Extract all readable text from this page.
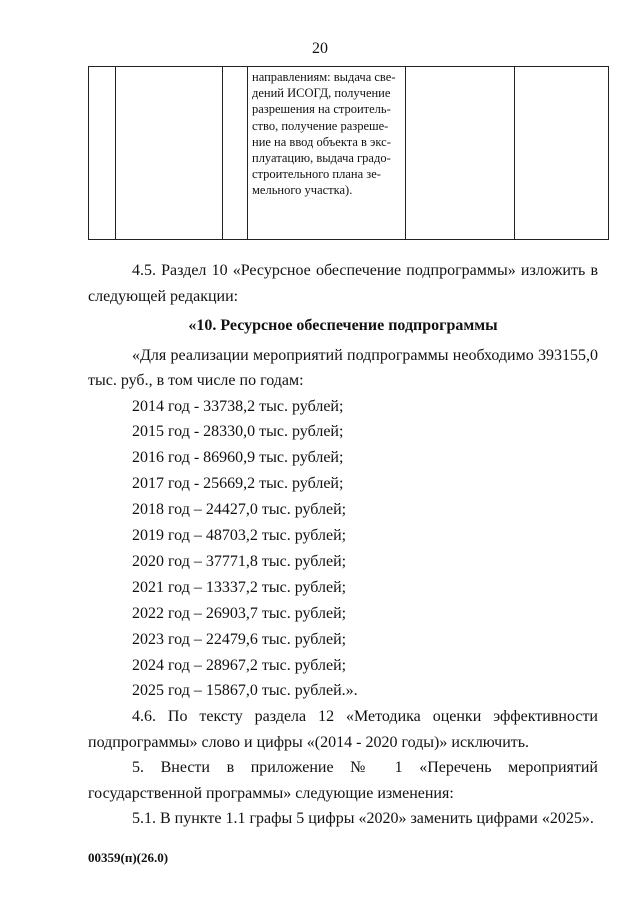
20

направлениям: выдача све-
дений ИСОГД, получение
разрешения на строитель-
ство, получение разреше-
ние на ввод объекта в экс-
плуатацию, выдача градо-
строительного плана зе-
мельного участка).

4.5. Раздел 10 «Ресурсное обеспечение подпрограммы» изложить в следующей редакции:

«10. Ресурсное обеспечение подпрограммы

«Для реализации мероприятий подпрограммы необходимо 393155,0 тыс. руб., в том числе по годам:

2014 год - 33738,2 тыс. рублей;

2015 год - 28330,0 тыс. рублей;

2016 год - 86960,9 тыс. рублей;

2017 год - 25669,2 тыс. рублей;

2018 год – 24427,0 тыс. рублей;

2019 год – 48703,2 тыс. рублей;

2020 год – 37771,8 тыс. рублей;

2021 год – 13337,2 тыс. рублей;

2022 год – 26903,7 тыс. рублей;

2023 год – 22479,6 тыс. рублей;

2024 год – 28967,2 тыс. рублей;

2025 год – 15867,0 тыс. рублей.».

4.6. По тексту раздела 12 «Методика оценки эффективности подпрограммы» слово и цифры «(2014 - 2020 годы)» исключить.

5. Внести в приложение № 1 «Перечень мероприятий государственной программы» следующие изменения:

5.1. В пункте 1.1 графы 5 цифры «2020» заменить цифрами «2025».

00359(п)(26.0)
